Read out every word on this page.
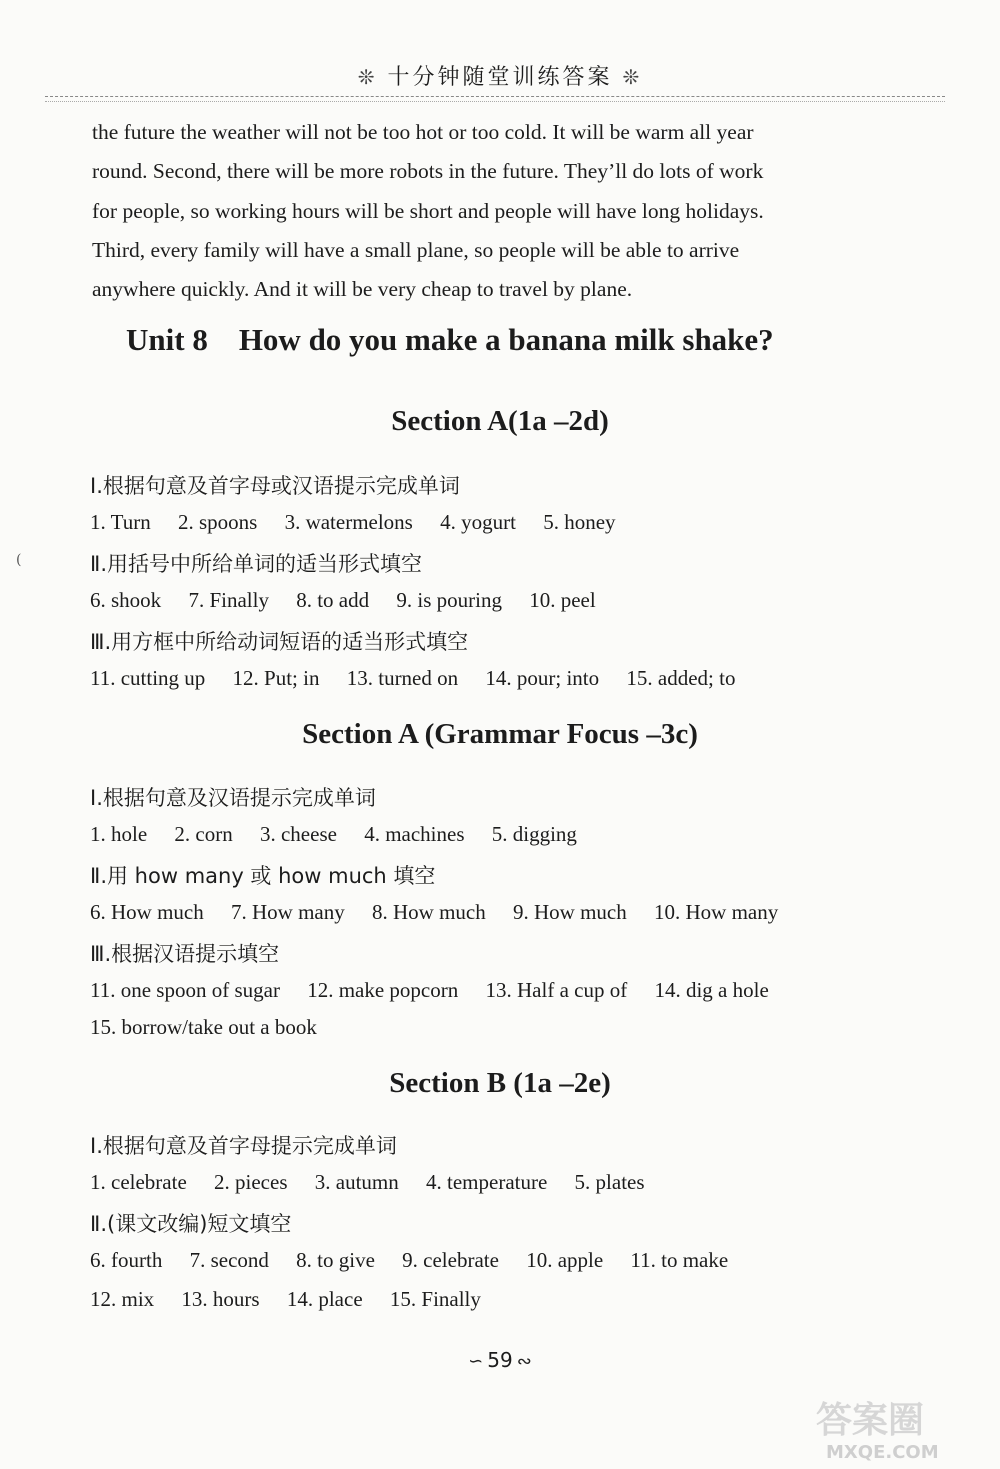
❊ 十分钟随堂训练答案 ❊
the future the weather will not be too hot or too cold. It will be warm all year
round. Second, there will be more robots in the future. They’ll do lots of work
for people, so working hours will be short and people will have long holidays.
Third, every family will have a small plane, so people will be able to arrive
anywhere quickly. And it will be very cheap to travel by plane.
Unit 8    How do you make a banana milk shake?
Section A(1a –2d)
Ⅰ.根据句意及首字母或汉语提示完成单词
1. Turn 2. spoons 3. watermelons 4. yogurt 5. honey
Ⅱ.用括号中所给单词的适当形式填空
6. shook 7. Finally 8. to add 9. is pouring 10. peel
Ⅲ.用方框中所给动词短语的适当形式填空
11. cutting up 12. Put; in 13. turned on 14. pour; into 15. added; to
Section A (Grammar Focus –3c)
Ⅰ.根据句意及汉语提示完成单词
1. hole 2. corn 3. cheese 4. machines 5. digging
Ⅱ.用 how many 或 how much 填空
6. How much 7. How many 8. How much 9. How much 10. How many
Ⅲ.根据汉语提示填空
11. one spoon of sugar 12. make popcorn 13. Half a cup of 14. dig a hole
15. borrow/take out a book
Section B (1a –2e)
Ⅰ.根据句意及首字母提示完成单词
1. celebrate 2. pieces 3. autumn 4. temperature 5. plates
Ⅱ.(课文改编)短文填空
6. fourth 7. second 8. to give 9. celebrate 10. apple 11. to make
12. mix 13. hours 14. place 15. Finally
∽ 59 ∾
(
答案圈
MXQE.COM
